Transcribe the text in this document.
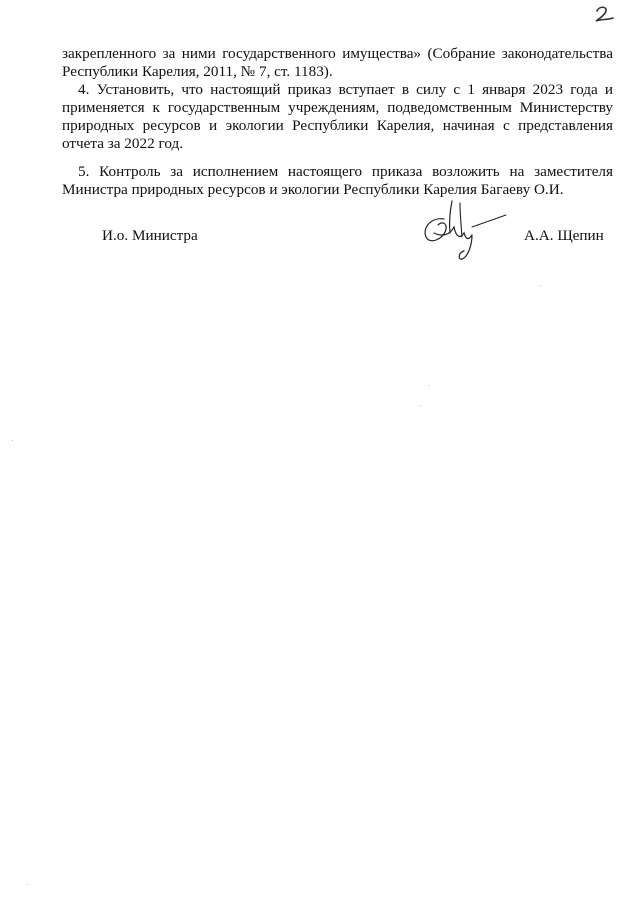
закрепленного за ними государственного имущества» (Собрание законодательства Республики Карелия, 2011, № 7, ст. 1183).

4. Установить, что настоящий приказ вступает в силу с 1 января 2023 года и применяется к государственным учреждениям, подведомственным Министерству природных ресурсов и экологии Республики Карелия, начиная с представления отчета за 2022 год.

5. Контроль за исполнением настоящего приказа возложить на заместителя Министра природных ресурсов и экологии Республики Карелия Багаеву О.И.

И.о. Министра	А.А. Щепин
